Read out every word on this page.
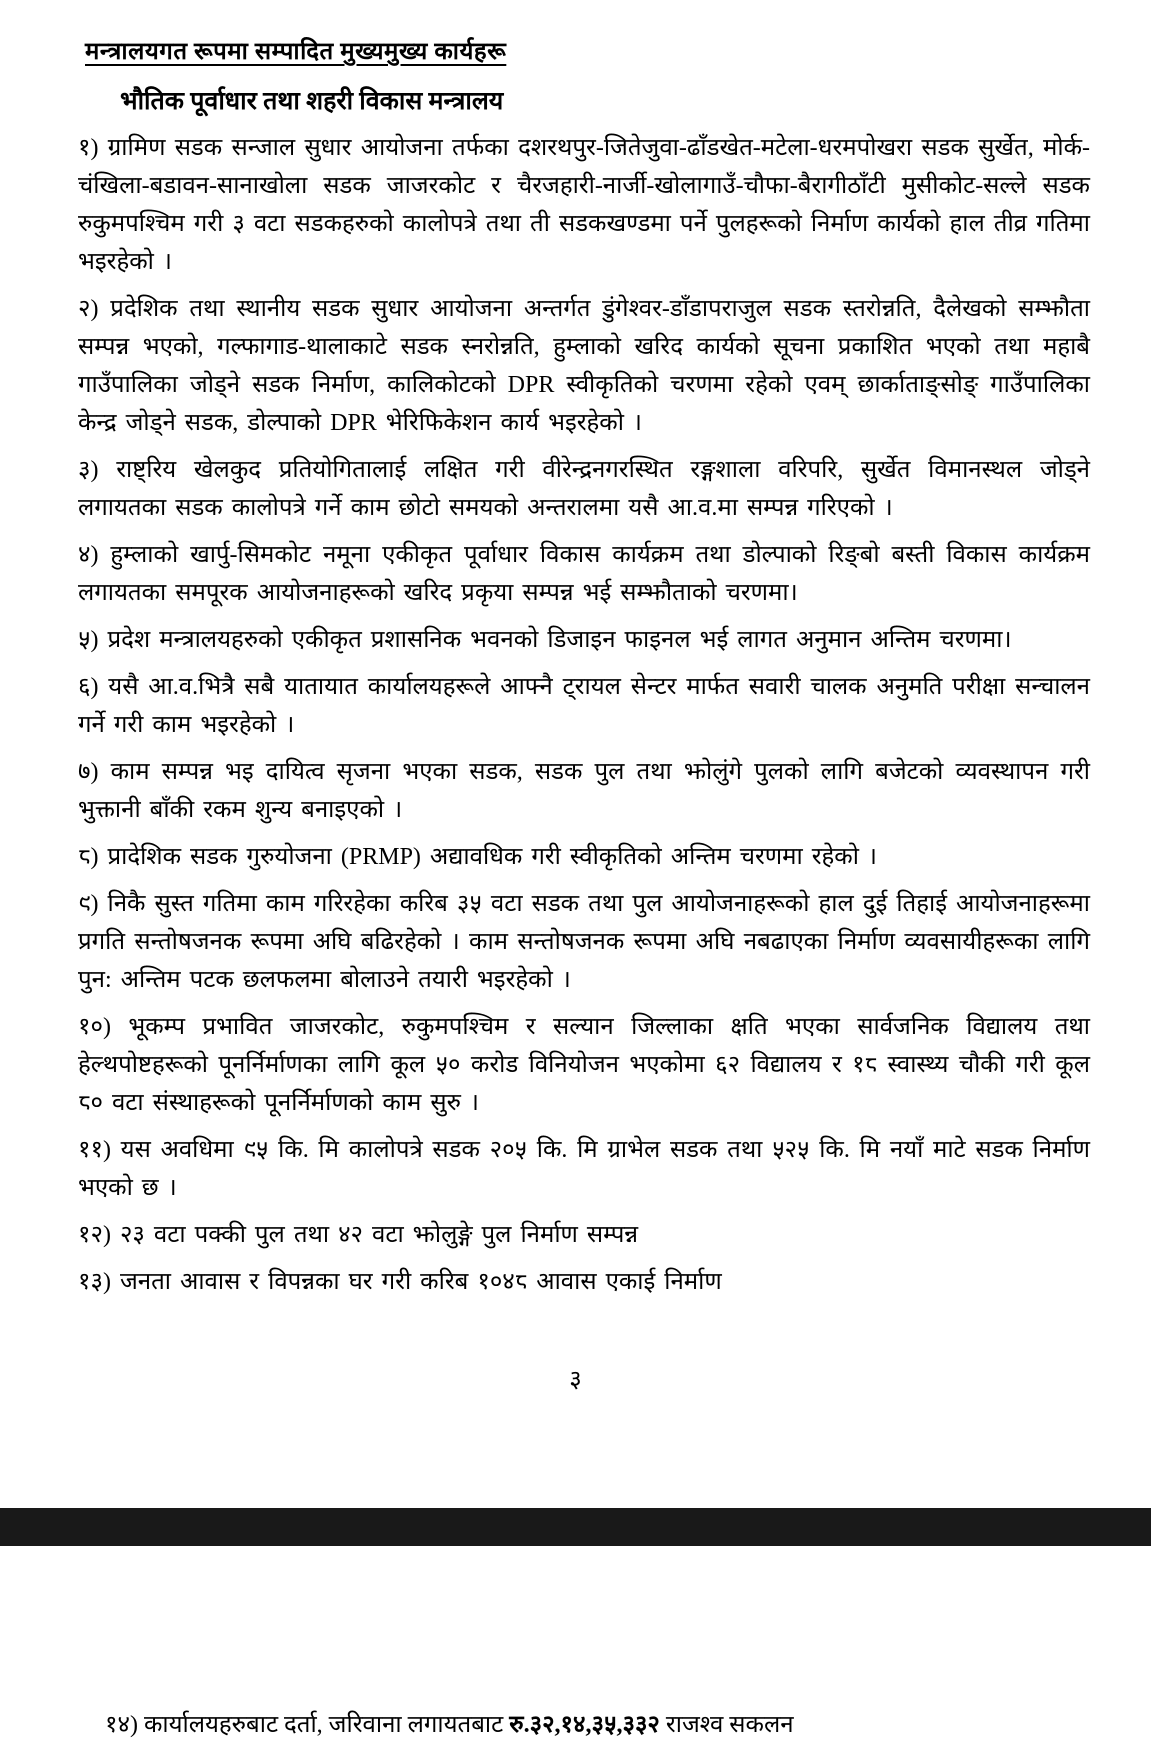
मन्त्रालयगत रूपमा सम्पादित मुख्यमुख्य कार्यहरू
भौतिक पूर्वाधार तथा शहरी विकास मन्त्रालय

१) ग्रामिण सडक सन्जाल सुधार आयोजना तर्फका दशरथपुर-जितेजुवा-ढाँडखेत-मटेला-धरमपोखरा सडक सुर्खेत, मोर्क-चंखिला-बडावन-सानाखोला सडक जाजरकोट र चैरजहारी-नार्जी-खोलागाउँ-चौफा-बैरागीठाँटी मुसीकोट-सल्ले सडक रुकुमपश्चिम गरी ३ वटा सडकहरुको कालोपत्रे तथा ती सडकखण्डमा पर्ने पुलहरूको निर्माण कार्यको हाल तीव्र गतिमा भइरहेको ।

२) प्रदेशिक तथा स्थानीय सडक सुधार आयोजना अन्तर्गत डुंगेश्वर-डाँडापराजुल सडक स्तरोन्नति, दैलेखको सम्झौता सम्पन्न भएको, गल्फागाड-थालाकाटे सडक स्नरोन्नति, हुम्लाको खरिद कार्यको सूचना प्रकाशित भएको तथा महाबै गाउँपालिका जोड्ने सडक निर्माण, कालिकोटको DPR स्वीकृतिको चरणमा रहेको एवम् छार्काताङ्सोङ् गाउँपालिका केन्द्र जोड्ने सडक, डोल्पाको DPR भेरिफिकेशन कार्य भइरहेको ।

३) राष्ट्रिय खेलकुद प्रतियोगितालाई लक्षित गरी वीरेन्द्रनगरस्थित रङ्गशाला वरिपरि, सुर्खेत विमानस्थल जोड्ने लगायतका सडक कालोपत्रे गर्ने काम छोटो समयको अन्तरालमा यसै आ.व.मा सम्पन्न गरिएको ।

४) हुम्लाको खार्पु-सिमकोट नमूना एकीकृत पूर्वाधार विकास कार्यक्रम तथा डोल्पाको रिङ्बो बस्ती विकास कार्यक्रम लगायतका समपूरक आयोजनाहरूको खरिद प्रकृया सम्पन्न भई सम्झौताको चरणमा।

५) प्रदेश मन्त्रालयहरुको एकीकृत प्रशासनिक भवनको डिजाइन फाइनल भई लागत अनुमान अन्तिम चरणमा।

६) यसै आ.व.भित्रै सबै यातायात कार्यालयहरूले आफ्नै ट्रायल सेन्टर मार्फत सवारी चालक अनुमति परीक्षा सन्चालन गर्ने गरी काम भइरहेको ।

७) काम सम्पन्न भइ दायित्व सृजना भएका सडक, सडक पुल तथा झोलुंगे पुलको लागि बजेटको व्यवस्थापन गरी भुक्तानी बाँकी रकम शुन्य बनाइएको ।

८) प्रादेशिक सडक गुरुयोजना (PRMP) अद्यावधिक गरी स्वीकृतिको अन्तिम चरणमा रहेको ।

९) निकै सुस्त गतिमा काम गरिरहेका करिब ३५ वटा सडक तथा पुल आयोजनाहरूको हाल दुई तिहाई आयोजनाहरूमा प्रगति सन्तोषजनक रूपमा अघि बढिरहेको । काम सन्तोषजनक रूपमा अघि नबढाएका निर्माण व्यवसायीहरूका लागि पुन: अन्तिम पटक छलफलमा बोलाउने तयारी भइरहेको ।

१०) भूकम्प प्रभावित जाजरकोट, रुकुमपश्चिम र सल्यान जिल्लाका क्षति भएका सार्वजनिक विद्यालय तथा हेल्थपोष्टहरूको पूनर्निर्माणका लागि कूल ५० करोड विनियोजन भएकोमा ६२ विद्यालय र १८ स्वास्थ्य चौकी गरी कूल ८० वटा संस्थाहरूको पूनर्निर्माणको काम सुरु ।

११) यस अवधिमा ९५ कि. मि कालोपत्रे सडक २०५ कि. मि ग्राभेल सडक तथा ५२५ कि. मि नयाँ माटे सडक निर्माण भएको छ ।

१२) २३ वटा पक्की पुल तथा ४२ वटा झोलुङ्गे पुल निर्माण सम्पन्न

१३) जनता आवास र विपन्नका घर गरी करिब १०४८ आवास एकाई निर्माण

३

१४) कार्यालयहरुबाट दर्ता, जरिवाना लगायतबाट रु.३२,१४,३५,३३२ राजश्व सकलन
